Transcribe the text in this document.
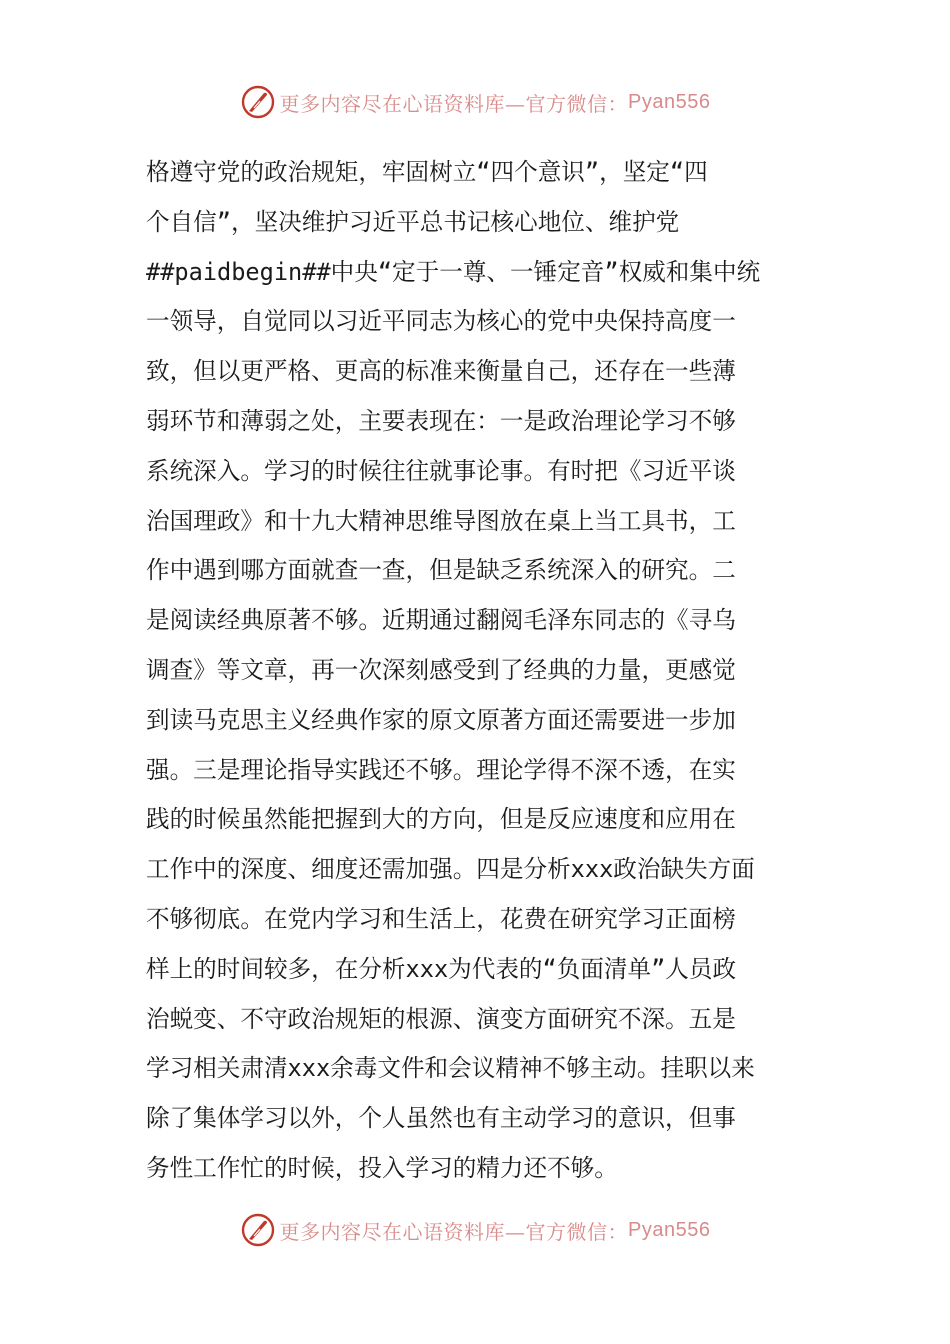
更多内容尽在心语资料库—官方微信： Pyan556
格遵守党的政治规矩，牢固树立“四个意识”，坚定“四
个自信”，坚决维护习近平总书记核心地位、维护党
##paidbegin##中央“定于一尊、一锤定音”权威和集中统
一领导，自觉同以习近平同志为核心的党中央保持高度一
致，但以更严格、更高的标准来衡量自己，还存在一些薄
弱环节和薄弱之处，主要表现在：一是政治理论学习不够
系统深入。学习的时候往往就事论事。有时把《习近平谈
治国理政》和十九大精神思维导图放在桌上当工具书，工
作中遇到哪方面就查一查，但是缺乏系统深入的研究。二
是阅读经典原著不够。近期通过翻阅毛泽东同志的《寻乌
调查》等文章，再一次深刻感受到了经典的力量，更感觉
到读马克思主义经典作家的原文原著方面还需要进一步加
强。三是理论指导实践还不够。理论学得不深不透，在实
践的时候虽然能把握到大的方向，但是反应速度和应用在
工作中的深度、细度还需加强。四是分析xxx政治缺失方面
不够彻底。在党内学习和生活上，花费在研究学习正面榜
样上的时间较多，在分析xxx为代表的“负面清单”人员政
治蜕变、不守政治规矩的根源、演变方面研究不深。五是
学习相关肃清xxx余毒文件和会议精神不够主动。挂职以来
除了集体学习以外，个人虽然也有主动学习的意识，但事
务性工作忙的时候，投入学习的精力还不够。
更多内容尽在心语资料库—官方微信： Pyan556
